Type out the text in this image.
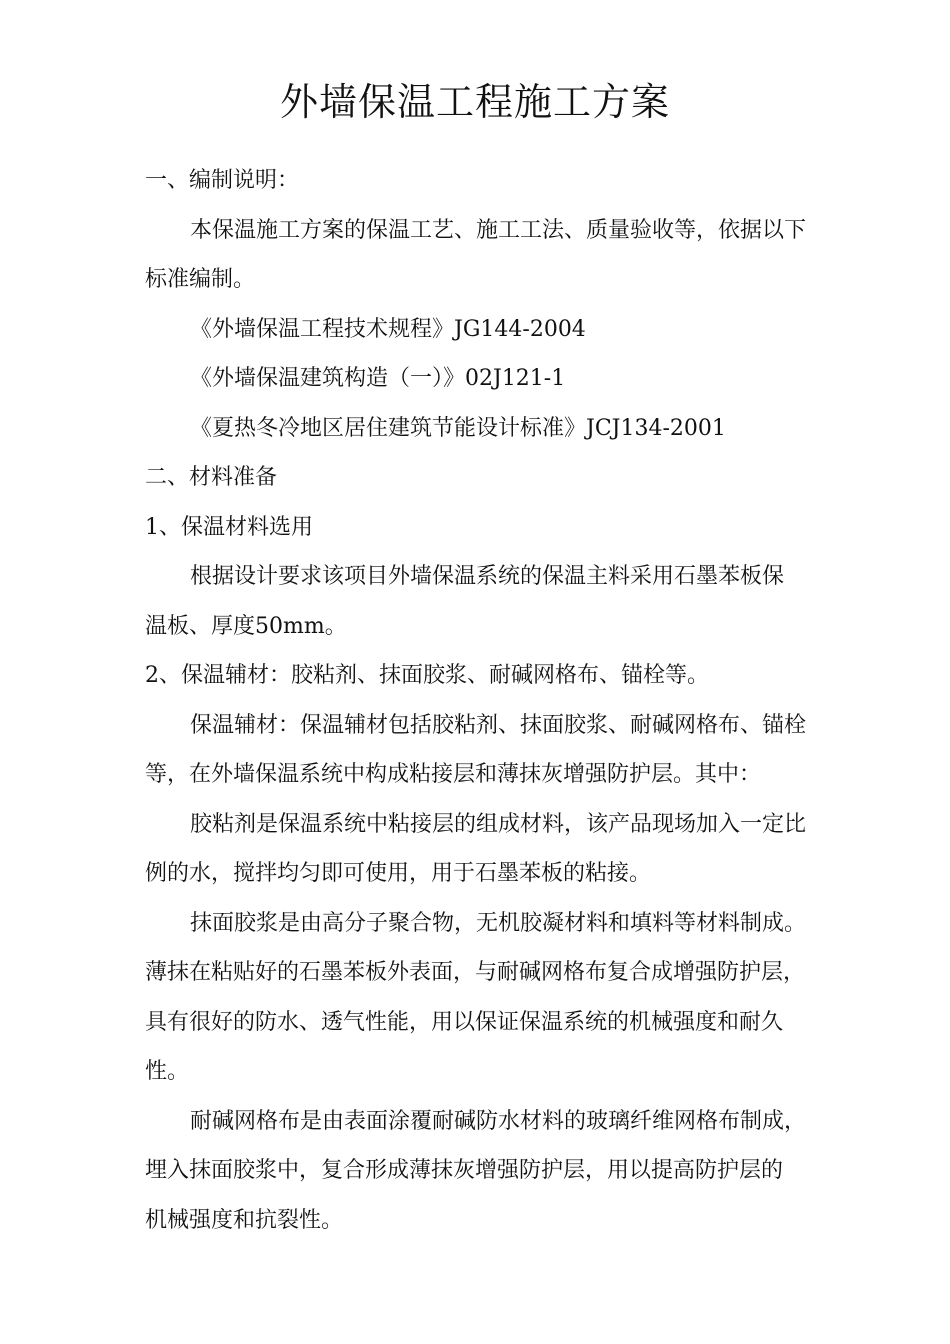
外墙保温工程施工方案

一、编制说明：

本保温施工方案的保温工艺、施工工法、质量验收等，依据以下

标准编制。

《外墙保温工程技术规程》JG144-2004

《外墙保温建筑构造（一）》02J121-1

《夏热冬冷地区居住建筑节能设计标准》JCJ134-2001

二、材料准备

1、保温材料选用

根据设计要求该项目外墙保温系统的保温主料采用石墨苯板保

温板、厚度50mm。

2、保温辅材：胶粘剂、抹面胶浆、耐碱网格布、锚栓等。

保温辅材：保温辅材包括胶粘剂、抹面胶浆、耐碱网格布、锚栓

等，在外墙保温系统中构成粘接层和薄抹灰增强防护层。其中：

胶粘剂是保温系统中粘接层的组成材料，该产品现场加入一定比

例的水，搅拌均匀即可使用，用于石墨苯板的粘接。

抹面胶浆是由高分子聚合物，无机胶凝材料和填料等材料制成。

薄抹在粘贴好的石墨苯板外表面，与耐碱网格布复合成增强防护层，

具有很好的防水、透气性能，用以保证保温系统的机械强度和耐久

性。

耐碱网格布是由表面涂覆耐碱防水材料的玻璃纤维网格布制成，

埋入抹面胶浆中，复合形成薄抹灰增强防护层，用以提高防护层的

机械强度和抗裂性。
